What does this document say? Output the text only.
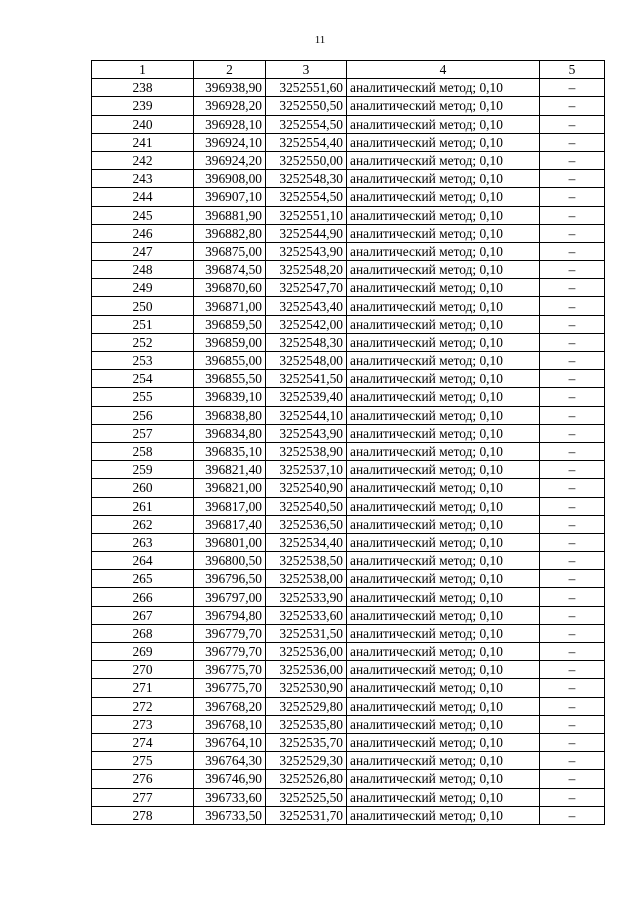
11
1	2	3	4	5
238	396938,90	3252551,60	аналитический метод; 0,10	–
239	396928,20	3252550,50	аналитический метод; 0,10	–
240	396928,10	3252554,50	аналитический метод; 0,10	–
241	396924,10	3252554,40	аналитический метод; 0,10	–
242	396924,20	3252550,00	аналитический метод; 0,10	–
243	396908,00	3252548,30	аналитический метод; 0,10	–
244	396907,10	3252554,50	аналитический метод; 0,10	–
245	396881,90	3252551,10	аналитический метод; 0,10	–
246	396882,80	3252544,90	аналитический метод; 0,10	–
247	396875,00	3252543,90	аналитический метод; 0,10	–
248	396874,50	3252548,20	аналитический метод; 0,10	–
249	396870,60	3252547,70	аналитический метод; 0,10	–
250	396871,00	3252543,40	аналитический метод; 0,10	–
251	396859,50	3252542,00	аналитический метод; 0,10	–
252	396859,00	3252548,30	аналитический метод; 0,10	–
253	396855,00	3252548,00	аналитический метод; 0,10	–
254	396855,50	3252541,50	аналитический метод; 0,10	–
255	396839,10	3252539,40	аналитический метод; 0,10	–
256	396838,80	3252544,10	аналитический метод; 0,10	–
257	396834,80	3252543,90	аналитический метод; 0,10	–
258	396835,10	3252538,90	аналитический метод; 0,10	–
259	396821,40	3252537,10	аналитический метод; 0,10	–
260	396821,00	3252540,90	аналитический метод; 0,10	–
261	396817,00	3252540,50	аналитический метод; 0,10	–
262	396817,40	3252536,50	аналитический метод; 0,10	–
263	396801,00	3252534,40	аналитический метод; 0,10	–
264	396800,50	3252538,50	аналитический метод; 0,10	–
265	396796,50	3252538,00	аналитический метод; 0,10	–
266	396797,00	3252533,90	аналитический метод; 0,10	–
267	396794,80	3252533,60	аналитический метод; 0,10	–
268	396779,70	3252531,50	аналитический метод; 0,10	–
269	396779,70	3252536,00	аналитический метод; 0,10	–
270	396775,70	3252536,00	аналитический метод; 0,10	–
271	396775,70	3252530,90	аналитический метод; 0,10	–
272	396768,20	3252529,80	аналитический метод; 0,10	–
273	396768,10	3252535,80	аналитический метод; 0,10	–
274	396764,10	3252535,70	аналитический метод; 0,10	–
275	396764,30	3252529,30	аналитический метод; 0,10	–
276	396746,90	3252526,80	аналитический метод; 0,10	–
277	396733,60	3252525,50	аналитический метод; 0,10	–
278	396733,50	3252531,70	аналитический метод; 0,10	–
